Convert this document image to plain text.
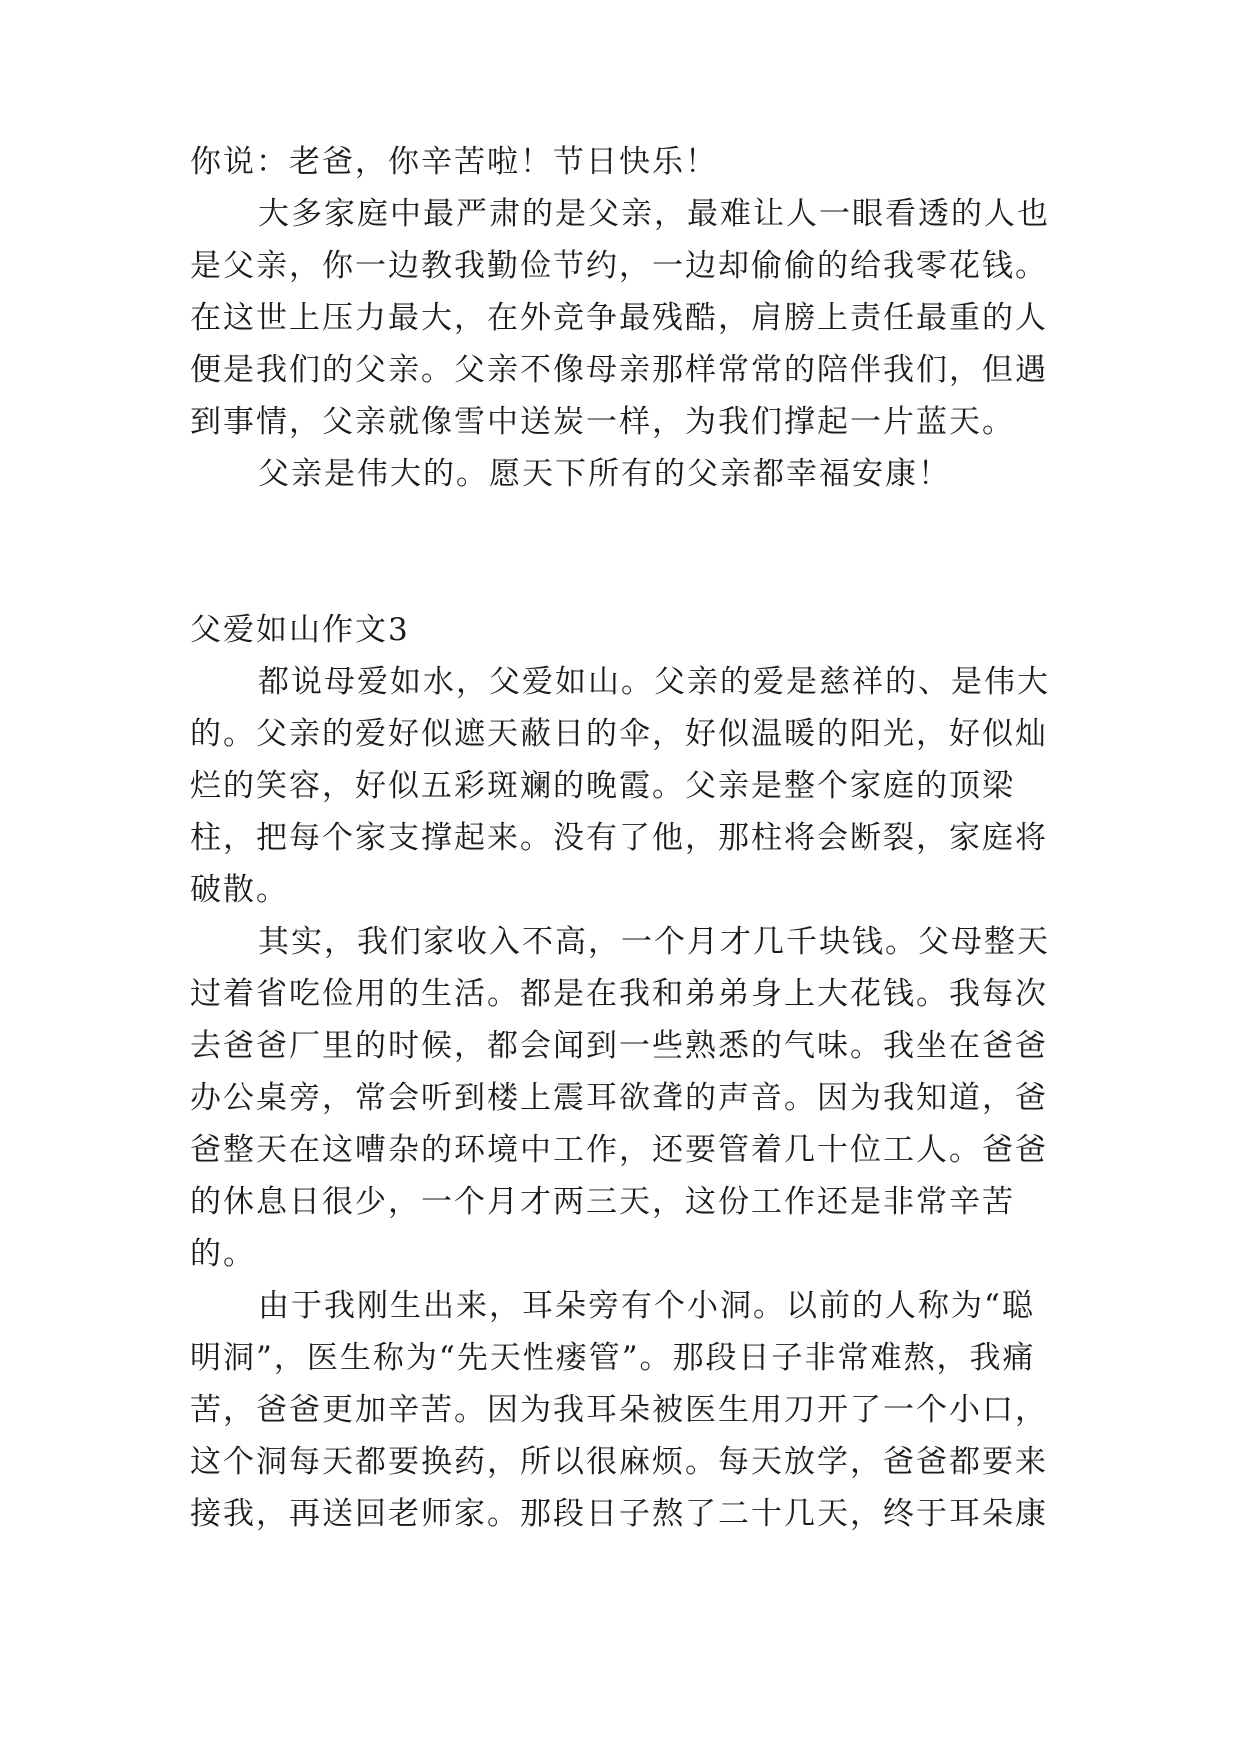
你说：老爸，你辛苦啦！节日快乐！

大多家庭中最严肃的是父亲，最难让人一眼看透的人也是父亲，你一边教我勤俭节约，一边却偷偷的给我零花钱。在这世上压力最大，在外竞争最残酷，肩膀上责任最重的人便是我们的父亲。父亲不像母亲那样常常的陪伴我们，但遇到事情，父亲就像雪中送炭一样，为我们撑起一片蓝天。

父亲是伟大的。愿天下所有的父亲都幸福安康！

父爱如山作文3

都说母爱如水，父爱如山。父亲的爱是慈祥的、是伟大的。父亲的爱好似遮天蔽日的伞，好似温暖的阳光，好似灿烂的笑容，好似五彩斑斓的晚霞。父亲是整个家庭的顶梁柱，把每个家支撑起来。没有了他，那柱将会断裂，家庭将破散。

其实，我们家收入不高，一个月才几千块钱。父母整天过着省吃俭用的生活。都是在我和弟弟身上大花钱。我每次去爸爸厂里的时候，都会闻到一些熟悉的气味。我坐在爸爸办公桌旁，常会听到楼上震耳欲聋的声音。因为我知道，爸爸整天在这嘈杂的环境中工作，还要管着几十位工人。爸爸的休息日很少，一个月才两三天，这份工作还是非常辛苦的。

由于我刚生出来，耳朵旁有个小洞。以前的人称为“聪明洞”，医生称为“先天性瘘管”。那段日子非常难熬，我痛苦，爸爸更加辛苦。因为我耳朵被医生用刀开了一个小口，这个洞每天都要换药，所以很麻烦。每天放学，爸爸都要来接我，再送回老师家。那段日子熬了二十几天，终于耳朵康
